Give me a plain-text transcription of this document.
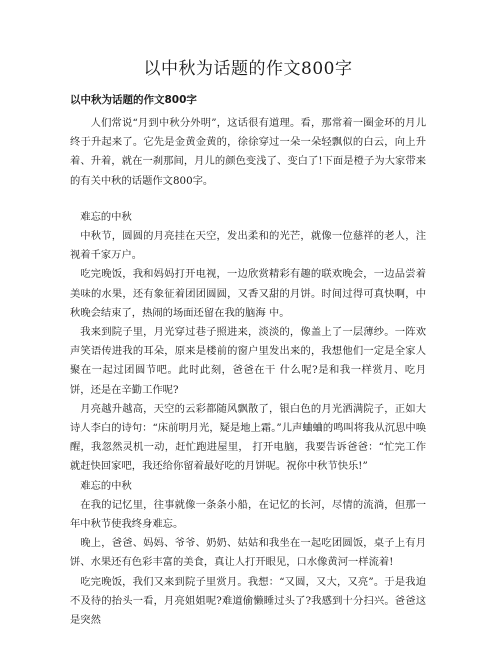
以中秋为话题的作文800字
以中秋为话题的作文800字

人们常说“月到中秋分外明”，这话很有道理。看，那常着一圈金环的月儿终于升起来了。它先是金黄金黄的，徐徐穿过一朵一朵轻飘似的白云，向上升着、升着，就在一刹那间，月儿的颜色变浅了、变白了!下面是橙子为大家带来的有关中秋的话题作文800字。

难忘的中秋

中秋节，圆圆的月亮挂在天空，发出柔和的光芒，就像一位慈祥的老人，注视着千家万户。

吃完晚饭，我和妈妈打开电视，一边欣赏精彩有趣的联欢晚会，一边品尝着美味的水果，还有象征着团团圆圆，又香又甜的月饼。时间过得可真快啊，中秋晚会结束了，热闹的场面还留在我的脑海 中。

我来到院子里，月光穿过巷子照进来，淡淡的，像盖上了一层薄纱。一阵欢声笑语传进我的耳朵，原来是楼前的窗户里发出来的，我想他们一定是全家人聚在一起过团圆节吧。此时此刻，爸爸在干 什么呢?是和我一样赏月、吃月饼，还是在辛勤工作呢?

月亮越升越高，天空的云彩都随风飘散了，银白色的月光洒满院子，正如大诗人李白的诗句：“床前明月光，疑是地上霜。”儿声蛐蛐的鸣叫将我从沉思中唤醒，我忽然灵机一动，赶忙跑进屋里， 打开电脑，我要告诉爸爸：“忙完工作就赶快回家吧，我还给你留着最好吃的月饼呢。祝你中秋节快乐!”

难忘的中秋

在我的记忆里，往事就像一条条小船，在记忆的长河，尽情的流淌，但那一年中秋节使我终身难忘。

晚上，爸爸、妈妈、爷爷、奶奶、姑姑和我坐在一起吃团圆饭，桌子上有月饼、水果还有色彩丰富的美食，真让人打开眼见，口水像黄河一样流着!

吃完晚饭，我们又来到院子里赏月。我想：“又圆，又大，又亮”。于是我迫不及待的抬头一看，月亮姐姐呢?难道偷懒睡过头了?我感到十分扫兴。爸爸这是突然
